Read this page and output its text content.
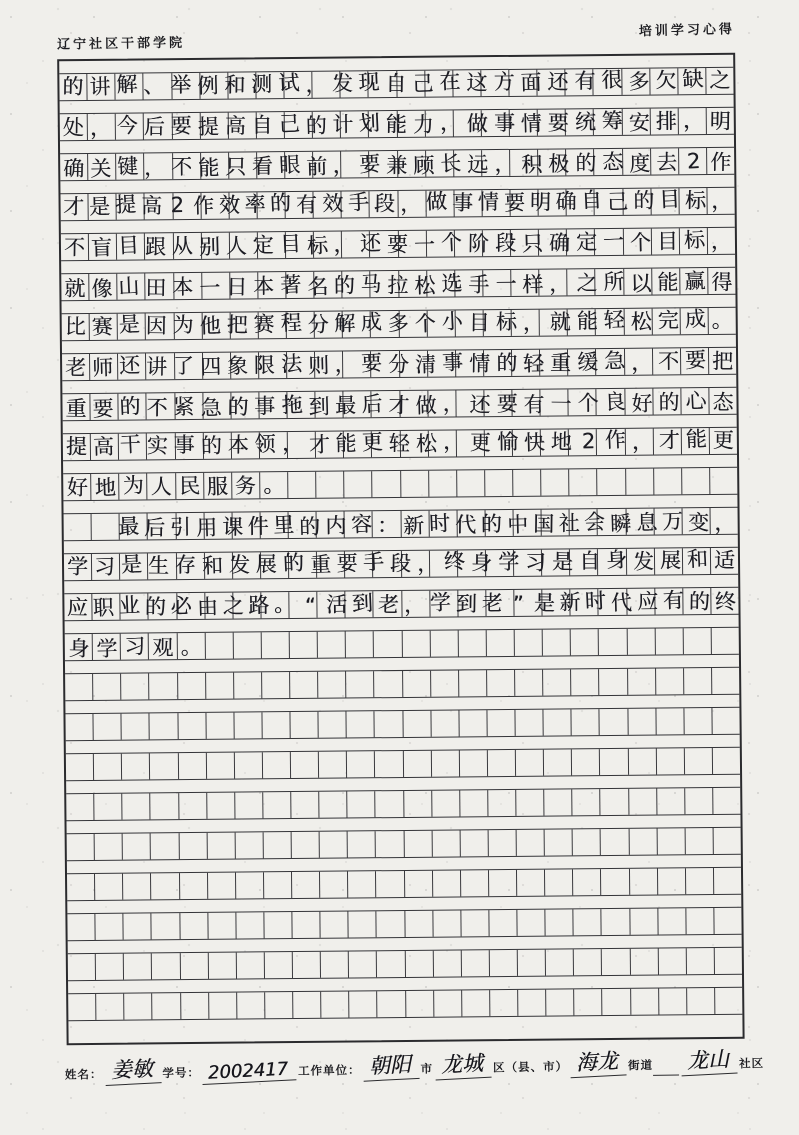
辽宁社区干部学院
培训学习心得
的 讲 解 、 举 例 和 测 试 ， 发 现 自 己 在 这 方 面 还 有 很 多 欠 缺 之
处 ， 今 后 要 提 高 自 己 的 计 划 能 力 ， 做 事 情 要 统 筹 安 排 ， 明
确 关 键 ， 不 能 只 看 眼 前 ， 要 兼 顾 长 远 ， 积 极 的 态 度 去 2 作
才 是 提 高 2 作 效 率 的 有 效 手 段 ， 做 事 情 要 明 确 自 己 的 目 标 ，
不 盲 目 跟 从 别 人 定 目 标 ， 还 要 一 个 阶 段 只 确 定 一 个 目 标 ，
就 像 山 田 本 一 日 本 著 名 的 马 拉 松 选 手 一 样 ， 之 所 以 能 赢 得
比 赛 是 因 为 他 把 赛 程 分 解 成 多 个 小 目 标 ， 就 能 轻 松 完 成 。
老 师 还 讲 了 四 象 限 法 则 ， 要 分 清 事 情 的 轻 重 缓 急 ， 不 要 把
重 要 的 不 紧 急 的 事 拖 到 最 后 才 做 ， 还 要 有 一 个 良 好 的 心 态
提 高 干 实 事 的 本 领 ， 才 能 更 轻 松 ， 更 愉 快 地 2 作 ， 才 能 更
好 地 为 人 民 服 务 。

最 后 引 用 课 件 里 的 内 容 ： 新 时 代 的 中 国 社 会 瞬 息 万 变 ，
学 习 是 生 存 和 发 展 的 重 要 手 段 ， 终 身 学 习 是 自 身 发 展 和 适
应 职 业 的 必 由 之 路 。 “ 活 到 老 ， 学 到 老 ” 是 新 时 代 应 有 的 终
身 学 习 观 。
姓名： 姜敏 学号： 2002417 工作单位： 朝阳 市 龙城 区（县、市） 海龙 街道 龙山 社区
